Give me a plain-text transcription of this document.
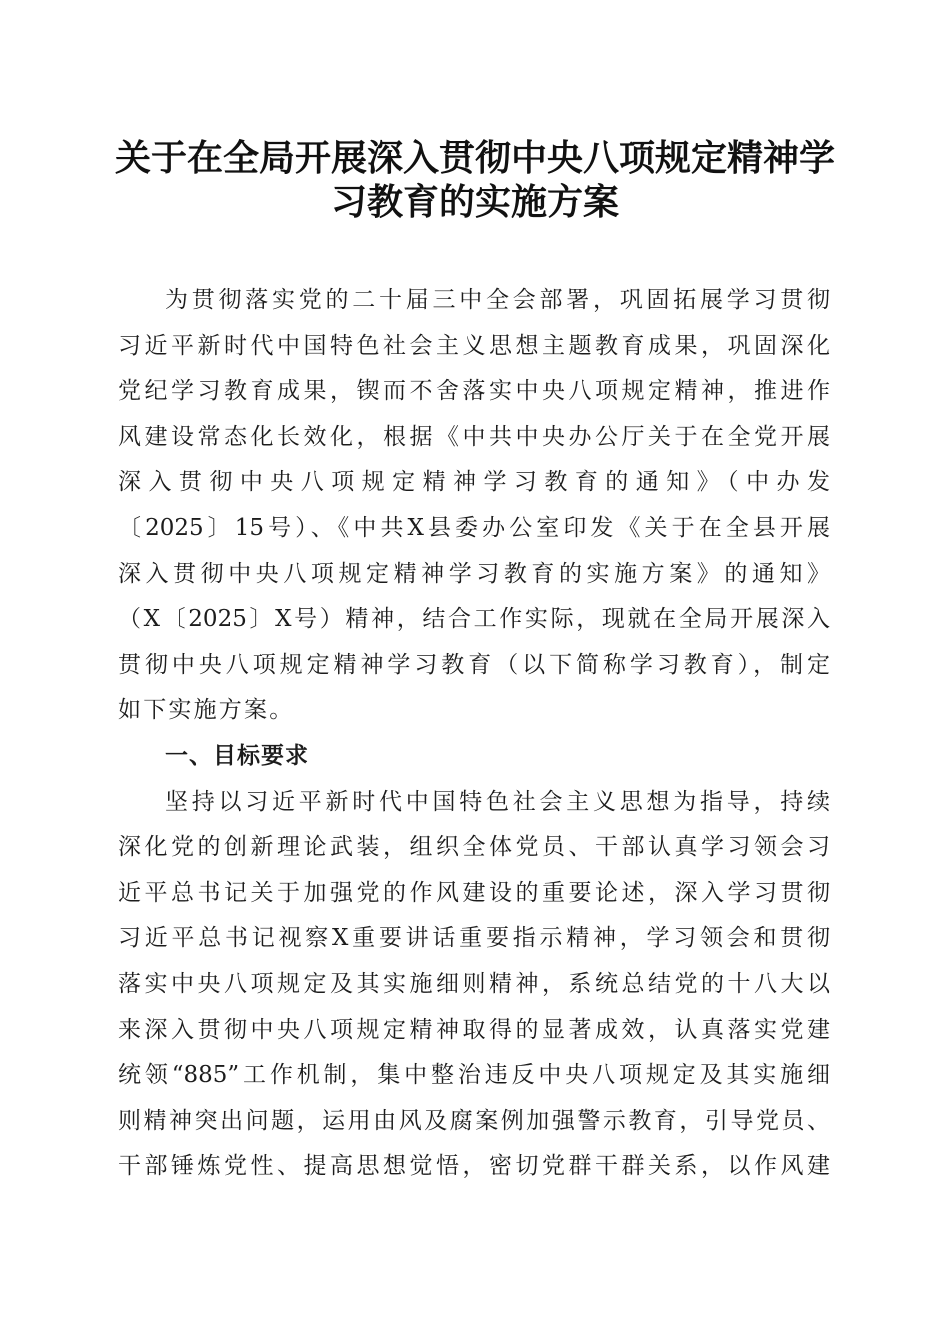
关于在全局开展深入贯彻中央八项规定精神学
习教育的实施方案
为贯彻落实党的二十届三中全会部署，巩固拓展学习贯彻
习近平新时代中国特色社会主义思想主题教育成果，巩固深化
党纪学习教育成果，锲而不舍落实中央八项规定精神，推进作
风建设常态化长效化，根据《中共中央办公厅关于在全党开展
深入贯彻中央八项规定精神学习教育的通知》（中办发
〔2025〕15号）、《中共X县委办公室印发《关于在全县开展
深入贯彻中央八项规定精神学习教育的实施方案》的通知》
（X〔2025〕X号）精神，结合工作实际，现就在全局开展深入
贯彻中央八项规定精神学习教育（以下简称学习教育），制定
如下实施方案。
一、目标要求
坚持以习近平新时代中国特色社会主义思想为指导，持续
深化党的创新理论武装，组织全体党员、干部认真学习领会习
近平总书记关于加强党的作风建设的重要论述，深入学习贯彻
习近平总书记视察X重要讲话重要指示精神，学习领会和贯彻
落实中央八项规定及其实施细则精神，系统总结党的十八大以
来深入贯彻中央八项规定精神取得的显著成效，认真落实党建
统领“885”工作机制，集中整治违反中央八项规定及其实施细
则精神突出问题，运用由风及腐案例加强警示教育，引导党员、
干部锤炼党性、提高思想觉悟，密切党群干群关系，以作风建
